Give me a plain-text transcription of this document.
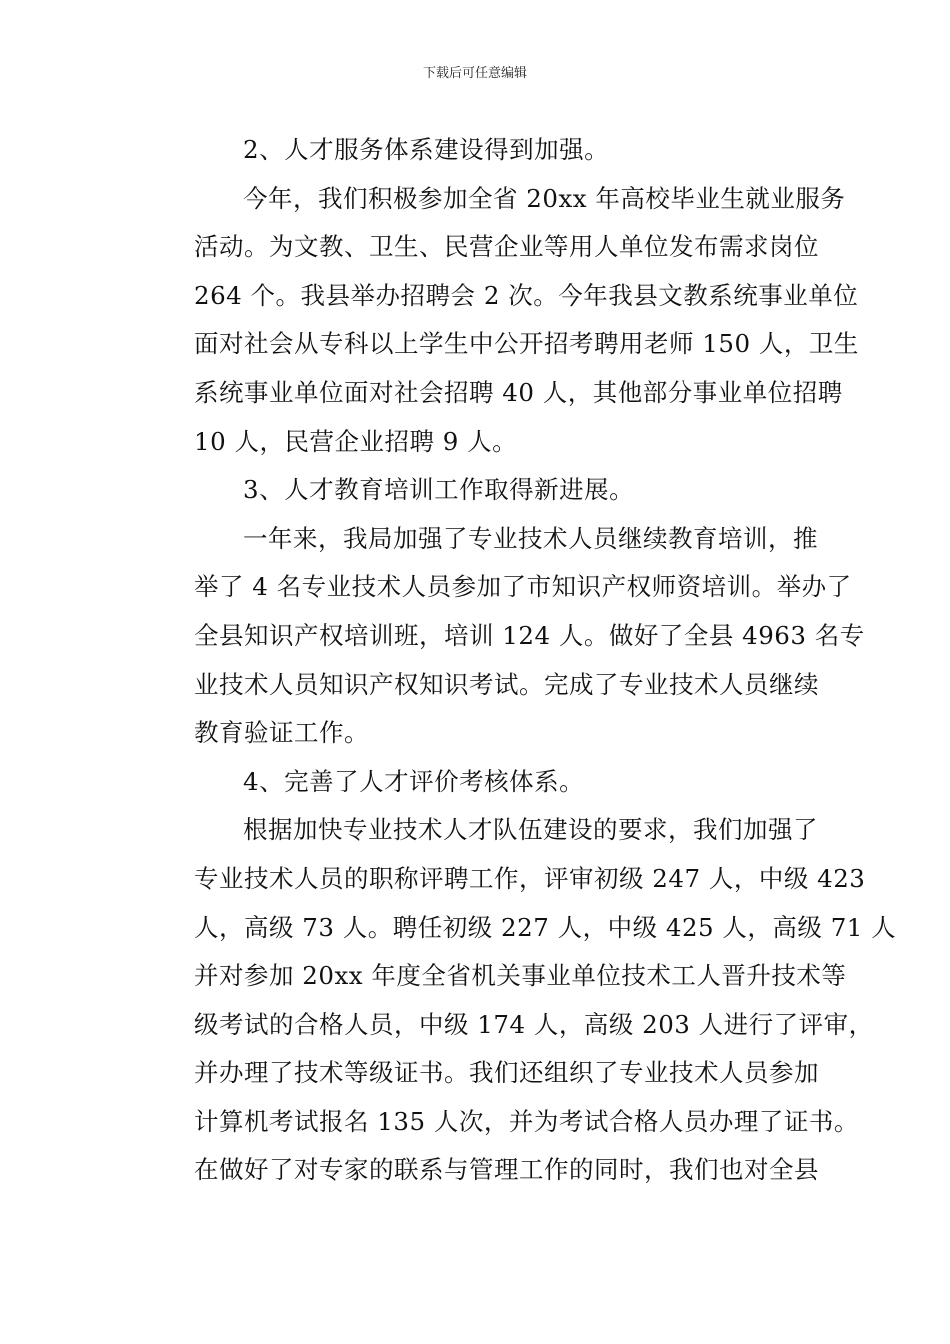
下载后可任意编辑
2、人才服务体系建设得到加强。
今年，我们积极参加全省 20xx 年高校毕业生就业服务
活动。为文教、卫生、民营企业等用人单位发布需求岗位
264 个。我县举办招聘会 2 次。今年我县文教系统事业单位
面对社会从专科以上学生中公开招考聘用老师 150 人，卫生
系统事业单位面对社会招聘 40 人，其他部分事业单位招聘
10 人，民营企业招聘 9 人。
3、人才教育培训工作取得新进展。
一年来，我局加强了专业技术人员继续教育培训，推
举了 4 名专业技术人员参加了市知识产权师资培训。举办了
全县知识产权培训班，培训 124 人。做好了全县 4963 名专
业技术人员知识产权知识考试。完成了专业技术人员继续
教育验证工作。
4、完善了人才评价考核体系。
根据加快专业技术人才队伍建设的要求，我们加强了
专业技术人员的职称评聘工作，评审初级 247 人，中级 423
人，高级 73 人。聘任初级 227 人，中级 425 人，高级 71 人
并对参加 20xx 年度全省机关事业单位技术工人晋升技术等
级考试的合格人员，中级 174 人，高级 203 人进行了评审，
并办理了技术等级证书。我们还组织了专业技术人员参加
计算机考试报名 135 人次，并为考试合格人员办理了证书。
在做好了对专家的联系与管理工作的同时，我们也对全县
